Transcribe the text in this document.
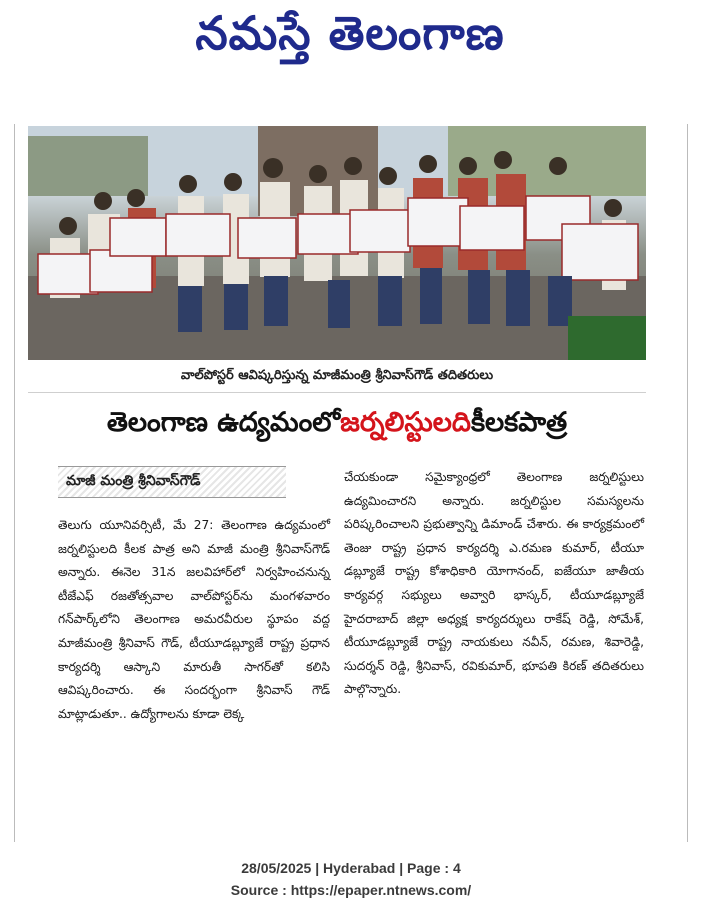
నమస్తే తెలంగాణ
వాల్‌పోస్టర్ ఆవిష్కరిస్తున్న మాజీమంత్రి శ్రీనివాస్‌గౌడ్ తదితరులు
తెలంగాణ ఉద్యమంలో జర్నలిస్టులది కీలకపాత్ర
మాజీ మంత్రి శ్రీనివాస్‌గౌడ్

తెలుగు యూనివర్సిటీ, మే 27: తెలంగాణ ఉద్యమంలో జర్నలిస్టులది కీలక పాత్ర అని మాజీ మంత్రి శ్రీనివాస్‌గౌడ్ అన్నారు. ఈనెల 31న జలవిహార్‌లో నిర్వహించనున్న టీజేఎఫ్ రజతోత్సవాల వాల్‌పోస్టర్‌ను మంగళవారం గన్‌పార్క్‌లోని తెలంగాణ అమరవీరుల స్థూపం వద్ద మాజీమంత్రి శ్రీనివాస్ గౌడ్, టీయూడబ్ల్యూజే రాష్ట్ర ప్రధాన కార్యదర్శి ఆస్కాని మారుతీ సాగర్‌తో కలిసి ఆవిష్కరించారు. ఈ సందర్భంగా శ్రీనివాస్ గౌడ్ మాట్లాడుతూ.. ఉద్యోగాలను కూడా లెక్క

చేయకుండా సమైక్యాంధ్రలో తెలంగాణ జర్నలిస్టులు ఉద్యమించారని అన్నారు. జర్నలిస్టుల సమస్యలను పరిష్కరించాలని ప్రభుత్వాన్ని డిమాండ్ చేశారు. ఈ కార్యక్రమంలో తెంజు రాష్ట్ర ప్రధాన కార్యదర్శి ఎ.రమణ కుమార్, టీయూ డబ్ల్యూజే రాష్ట్ర కోశాధికారి యోగానంద్, ఐజేయూ జాతీయ కార్యవర్గ సభ్యులు అవ్వారి భాస్కర్, టీయూడబ్ల్యూజే హైదరాబాద్ జిల్లా అధ్యక్ష కార్యదర్శులు రాకేష్ రెడ్డి, సోమేశ్, టీయూడబ్ల్యూజే రాష్ట్ర నాయకులు నవీన్, రమణ, శివారెడ్డి, సుదర్శన్ రెడ్డి, శ్రీనివాస్, రవికుమార్, భూపతి కిరణ్ తదితరులు పాల్గొన్నారు.

28/05/2025 | Hyderabad | Page : 4
Source : https://epaper.ntnews.com/
